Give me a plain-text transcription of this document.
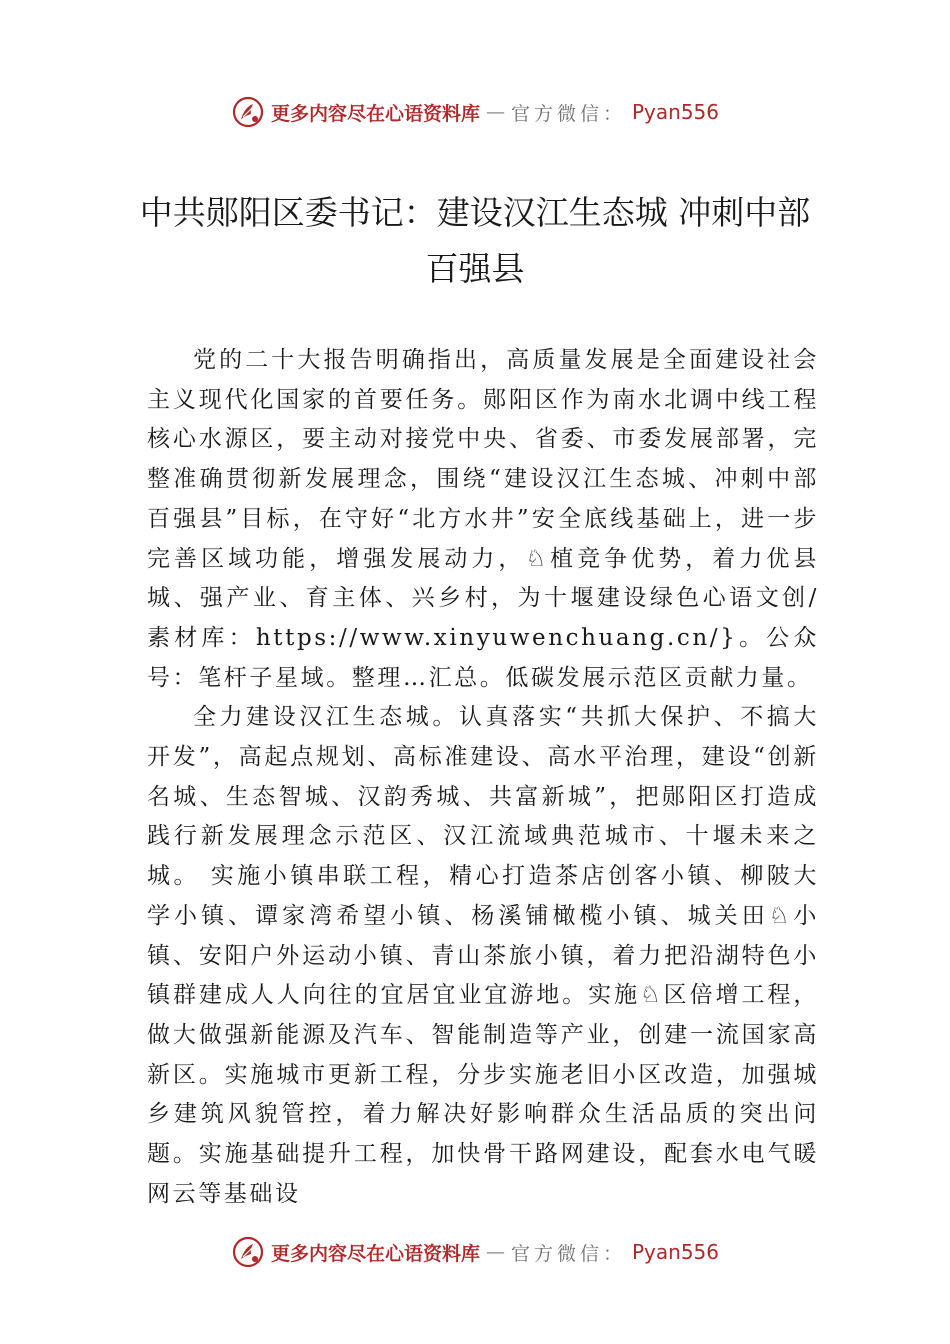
更多内容尽在心语资料库 — 官方微信： Pyan556
中共郧阳区委书记：建设汉江生态城 冲刺中部百强县

党的二十大报告明确指出，高质量发展是全面建设社会主义现代化国家的首要任务。郧阳区作为南水北调中线工程核心水源区，要主动对接党中央、省委、市委发展部署，完整准确贯彻新发展理念，围绕“建设汉江生态城、冲刺中部百强县”目标，在守好“北方水井”安全底线基础上，进一步完善区域功能，增强发展动力，♘植竞争优势，着力优县城、强产业、育主体、兴乡村，为十堰建设绿色心语文创/素材库：https://www.xinyuwenchuang.cn/}。公众号：笔杆子星域。整理…汇总。低碳发展示范区贡献力量。

全力建设汉江生态城。认真落实“共抓大保护、不搞大开发”，高起点规划、高标准建设、高水平治理，建设“创新名城、生态智城、汉韵秀城、共富新城”，把郧阳区打造成践行新发展理念示范区、汉江流域典范城市、十堰未来之城。 实施小镇串联工程，精心打造茶店创客小镇、柳陂大学小镇、谭家湾希望小镇、杨溪铺橄榄小镇、城关田♘小镇、安阳户外运动小镇、青山茶旅小镇，着力把沿湖特色小镇群建成人人向往的宜居宜业宜游地。实施♘区倍增工程，做大做强新能源及汽车、智能制造等产业，创建一流国家高新区。实施城市更新工程，分步实施老旧小区改造，加强城乡建筑风貌管控，着力解决好影响群众生活品质的突出问题。实施基础提升工程，加快骨干路网建设，配套水电气暖网云等基础设

更多内容尽在心语资料库 — 官方微信： Pyan556
